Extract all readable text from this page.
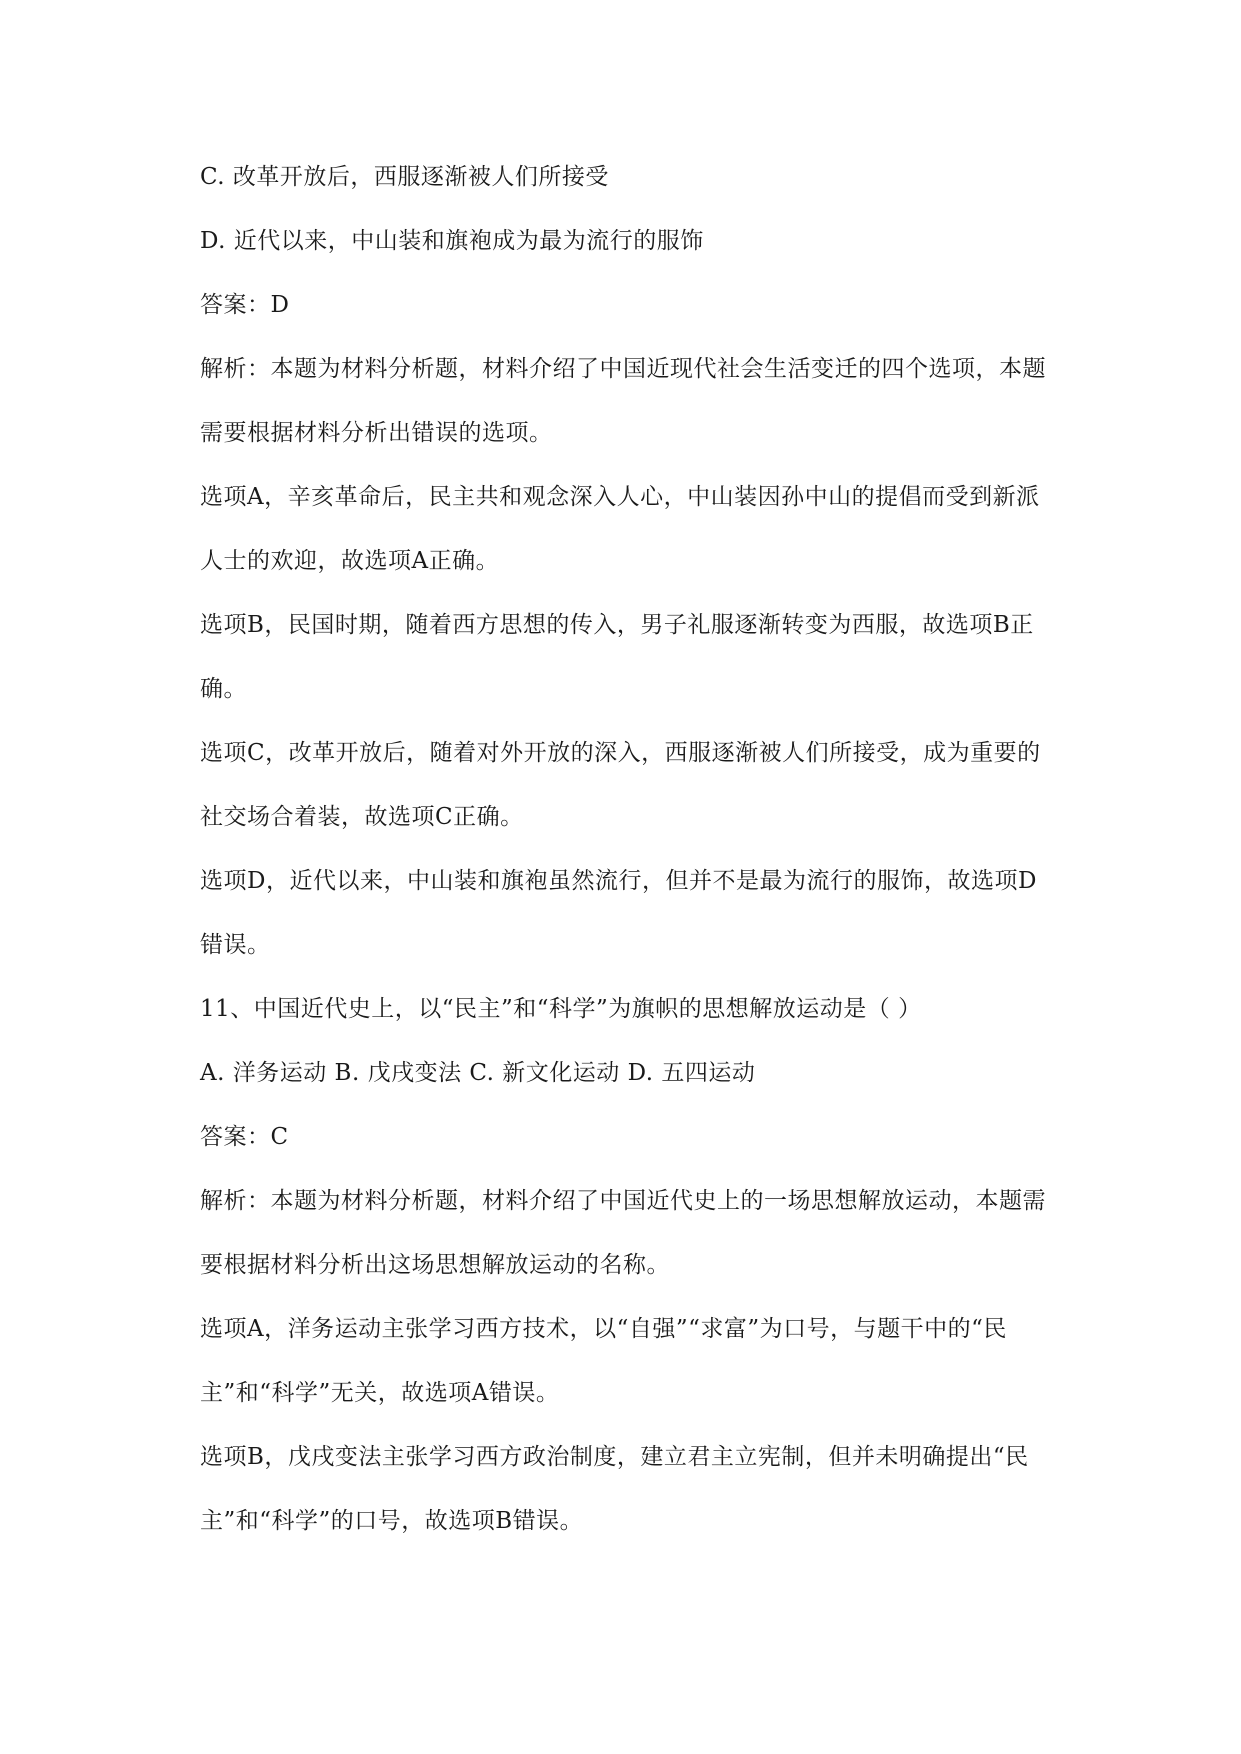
C. 改革开放后，西服逐渐被人们所接受
D. 近代以来，中山装和旗袍成为最为流行的服饰
答案：D
解析：本题为材料分析题，材料介绍了中国近现代社会生活变迁的四个选项，本题
需要根据材料分析出错误的选项。
选项A，辛亥革命后，民主共和观念深入人心，中山装因孙中山的提倡而受到新派
人士的欢迎，故选项A正确。
选项B，民国时期，随着西方思想的传入，男子礼服逐渐转变为西服，故选项B正
确。
选项C，改革开放后，随着对外开放的深入，西服逐渐被人们所接受，成为重要的
社交场合着装，故选项C正确。
选项D，近代以来，中山装和旗袍虽然流行，但并不是最为流行的服饰，故选项D
错误。
11、中国近代史上，以“民主”和“科学”为旗帜的思想解放运动是（ ）
A. 洋务运动 B. 戊戌变法 C. 新文化运动 D. 五四运动
答案：C
解析：本题为材料分析题，材料介绍了中国近代史上的一场思想解放运动，本题需
要根据材料分析出这场思想解放运动的名称。
选项A，洋务运动主张学习西方技术，以“自强”“求富”为口号，与题干中的“民
主”和“科学”无关，故选项A错误。
选项B，戊戌变法主张学习西方政治制度，建立君主立宪制，但并未明确提出“民
主”和“科学”的口号，故选项B错误。
